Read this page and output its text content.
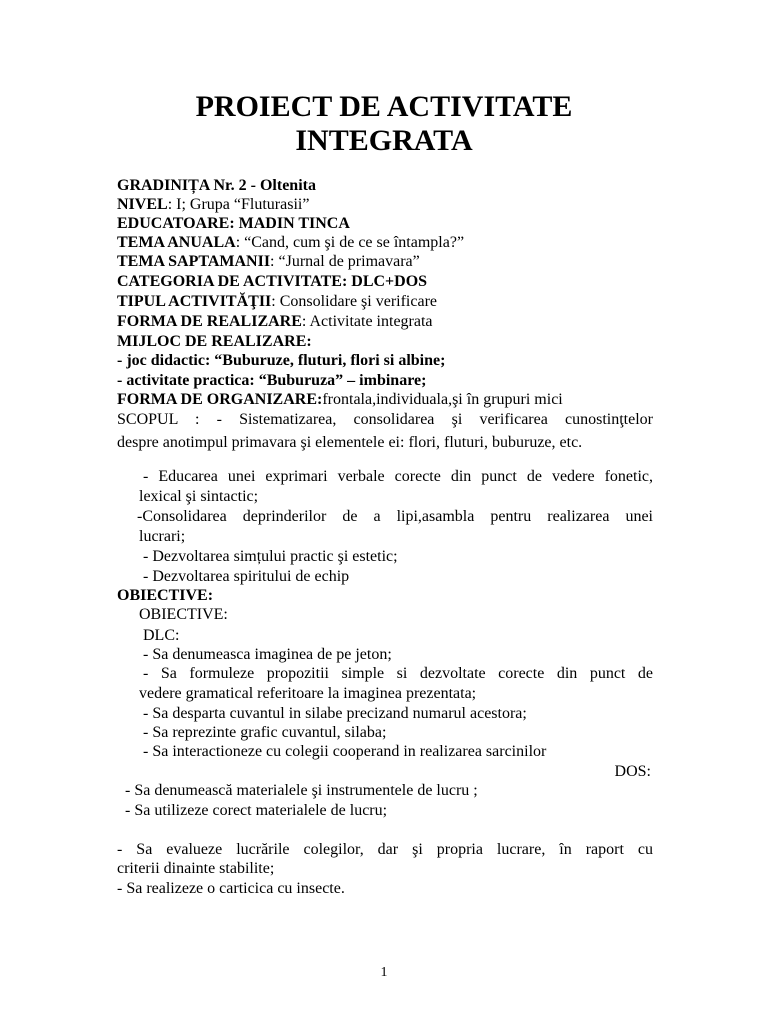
PROIECT DE ACTIVITATE
INTEGRATA
GRADINIȚA Nr. 2 - Oltenita
NIVEL: I; Grupa “Fluturasii”
EDUCATOARE: MADIN TINCA
TEMA ANUALA: “Cand, cum şi de ce se întampla?”
TEMA SAPTAMANII: “Jurnal de primavara”
CATEGORIA DE ACTIVITATE: DLC+DOS
TIPUL ACTIVITĂŢII: Consolidare şi verificare
FORMA DE REALIZARE: Activitate integrata
MIJLOC DE REALIZARE:
- joc didactic: “Buburuze, fluturi, flori si albine;
- activitate practica: “Buburuza” – imbinare;
FORMA DE ORGANIZARE:frontala,individuala,şi în grupuri mici
SCOPUL : - Sistematizarea, consolidarea şi verificarea cunostinţtelor
despre anotimpul primavara şi elementele ei: flori, fluturi, buburuze, etc.
- Educarea unei exprimari verbale corecte din punct de vedere fonetic,
lexical şi sintactic;
-Consolidarea deprinderilor de a lipi,asambla pentru realizarea unei
lucrari;
- Dezvoltarea simțului practic şi estetic;
- Dezvoltarea spiritului de echip
OBIECTIVE:
OBIECTIVE:
DLC:
- Sa denumeasca imaginea de pe jeton;
- Sa formuleze propozitii simple si dezvoltate corecte din punct de
vedere gramatical referitoare la imaginea prezentata;
- Sa desparta cuvantul in silabe precizand numarul acestora;
- Sa reprezinte grafic cuvantul, silaba;
- Sa interactioneze cu colegii cooperand in realizarea sarcinilor
DOS:
- Sa denumească materialele şi instrumentele de lucru ;
- Sa utilizeze corect materialele de lucru;
- Sa evalueze lucrările colegilor, dar şi propria lucrare, în raport cu
criterii dinainte stabilite;
- Sa realizeze o carticica cu insecte.
1
